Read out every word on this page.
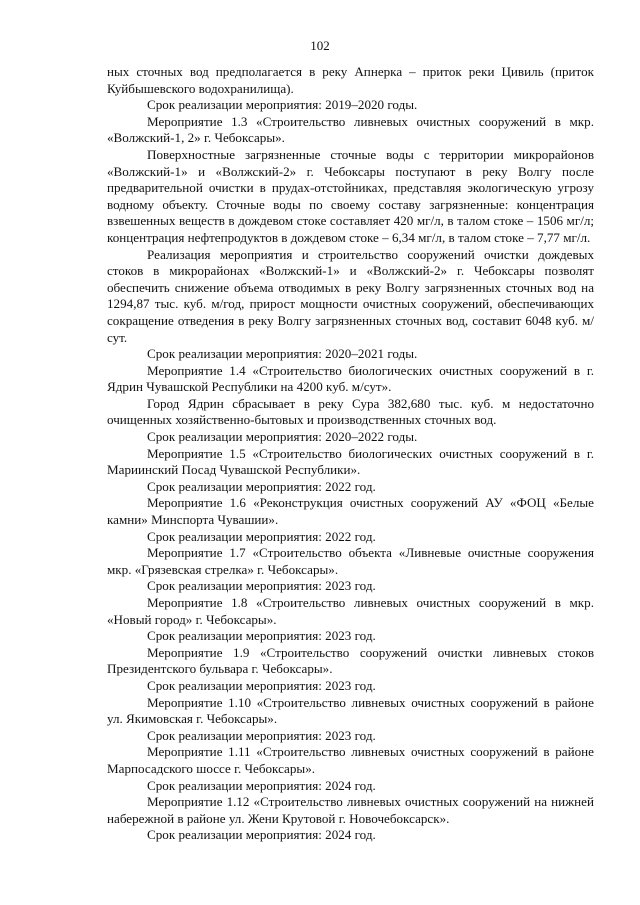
102

ных сточных вод предполагается в реку Апнерка – приток реки Цивиль (приток Куйбышевского водохранилища).

Срок реализации мероприятия: 2019–2020 годы.

Мероприятие 1.3 «Строительство ливневых очистных сооружений в мкр. «Волжский-1, 2» г. Чебоксары».

Поверхностные загрязненные сточные воды с территории микрорайонов «Волжский-1» и «Волжский-2» г. Чебоксары поступают в реку Волгу после предварительной очистки в прудах-отстойниках, представляя экологическую угрозу водному объекту. Сточные воды по своему составу загрязненные: концентрация взвешенных веществ в дождевом стоке составляет 420 мг/л, в талом стоке – 1506 мг/л; концентрация нефтепродуктов в дождевом стоке – 6,34 мг/л, в талом стоке – 7,77 мг/л.

Реализация мероприятия и строительство сооружений очистки дождевых стоков в микрорайонах «Волжский-1» и «Волжский-2» г. Чебоксары позволят обеспечить снижение объема отводимых в реку Волгу загрязненных сточных вод на 1294,87 тыс. куб. м/год, прирост мощности очистных сооружений, обеспечивающих сокращение отведения в реку Волгу загрязненных сточных вод, составит 6048 куб. м/сут.

Срок реализации мероприятия: 2020–2021 годы.

Мероприятие 1.4 «Строительство биологических очистных сооружений в г. Ядрин Чувашской Республики на 4200 куб. м/сут».

Город Ядрин сбрасывает в реку Сура 382,680 тыс. куб. м недостаточно очищенных хозяйственно-бытовых и производственных сточных вод.

Срок реализации мероприятия: 2020–2022 годы.

Мероприятие 1.5 «Строительство биологических очистных сооружений в г. Мариинский Посад Чувашской Республики».

Срок реализации мероприятия: 2022 год.

Мероприятие 1.6 «Реконструкция очистных сооружений АУ «ФОЦ «Белые камни» Минспорта Чувашии».

Срок реализации мероприятия: 2022 год.

Мероприятие 1.7 «Строительство объекта «Ливневые очистные сооружения мкр. «Грязевская стрелка» г. Чебоксары».

Срок реализации мероприятия: 2023 год.

Мероприятие 1.8 «Строительство ливневых очистных сооружений в мкр. «Новый город» г. Чебоксары».

Срок реализации мероприятия: 2023 год.

Мероприятие 1.9 «Строительство сооружений очистки ливневых стоков Президентского бульвара г. Чебоксары».

Срок реализации мероприятия: 2023 год.

Мероприятие 1.10 «Строительство ливневых очистных сооружений в районе ул. Якимовская г. Чебоксары».

Срок реализации мероприятия: 2023 год.

Мероприятие 1.11 «Строительство ливневых очистных сооружений в районе Марпосадского шоссе г. Чебоксары».

Срок реализации мероприятия: 2024 год.

Мероприятие 1.12 «Строительство ливневых очистных сооружений на нижней набережной в районе ул. Жени Крутовой г. Новочебоксарск».

Срок реализации мероприятия: 2024 год.
